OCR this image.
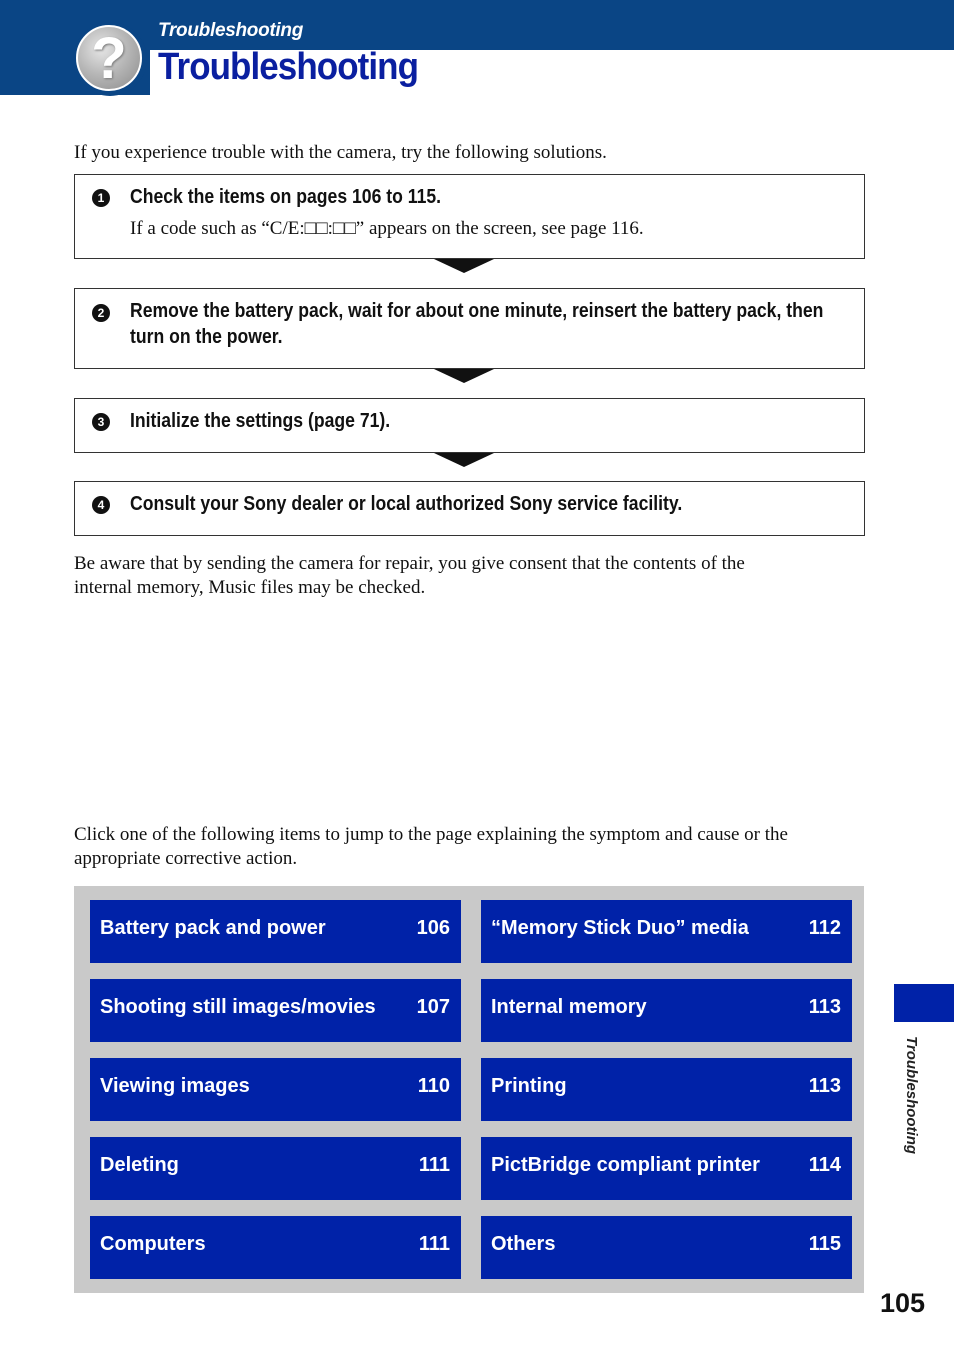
Troubleshooting
? Troubleshooting
If you experience trouble with the camera, try the following solutions.
1 Check the items on pages 106 to 115.
If a code such as “C/E:□□:□□” appears on the screen, see page 116.
2 Remove the battery pack, wait for about one minute, reinsert the battery pack, then turn on the power.
3 Initialize the settings (page 71).
4 Consult your Sony dealer or local authorized Sony service facility.
Be aware that by sending the camera for repair, you give consent that the contents of the
internal memory, Music files may be checked.
Click one of the following items to jump to the page explaining the symptom and cause or the
appropriate corrective action.
Battery pack and power	106 “Memory Stick Duo” media	112
Shooting still images/movies 107 Internal memory	113
Viewing images	110 Printing	113
Deleting	111 PictBridge compliant printer 114
Computers	111 Others	115
Troubleshooting
105
